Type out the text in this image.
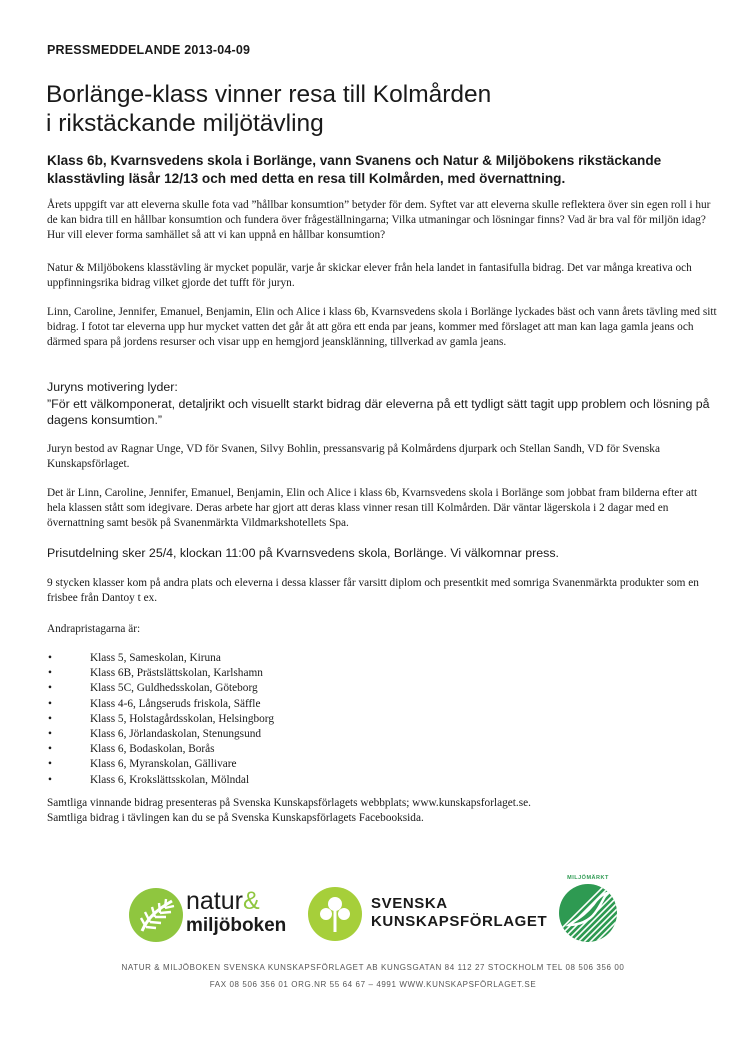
PRESSMEDDELANDE 2013-04-09
Borlänge-klass vinner resa till Kolmården
i rikstäckande miljötävling

Klass 6b, Kvarnsvedens skola i Borlänge, vann Svanens och Natur & Miljöbokens rikstäckande
klasstävling läsår 12/13 och med detta en resa till Kolmården, med övernattning.

Årets uppgift var att eleverna skulle fota vad ”hållbar konsumtion” betyder för dem. Syftet var att eleverna skulle reflektera över sin egen roll i hur de kan bidra till en hållbar konsumtion och fundera över frågeställningarna; Vilka utmaningar och lösningar finns? Vad är bra val för miljön idag? Hur vill elever forma samhället så att vi kan uppnå en hållbar konsumtion?

Natur & Miljöbokens klasstävling är mycket populär, varje år skickar elever från hela landet in fantasifulla bidrag. Det var många kreativa och uppfinningsrika bidrag vilket gjorde det tufft för juryn.

Linn, Caroline, Jennifer, Emanuel, Benjamin, Elin och Alice i klass 6b, Kvarnsvedens skola i Borlänge lyckades bäst och vann årets tävling med sitt bidrag. I fotot tar eleverna upp hur mycket vatten det går åt att göra ett enda par jeans, kommer med förslaget att man kan laga gamla jeans och därmed spara på jordens resurser och visar upp en hemgjord jeansklänning, tillverkad av gamla jeans.

Juryns motivering lyder:
”För ett välkomponerat, detaljrikt och visuellt starkt bidrag där eleverna på ett tydligt sätt tagit upp problem och lösning på dagens konsumtion.”

Juryn bestod av Ragnar Unge, VD för Svanen, Silvy Bohlin, pressansvarig på Kolmårdens djurpark och Stellan Sandh, VD för Svenska Kunskapsförlaget.

Det är Linn, Caroline, Jennifer, Emanuel, Benjamin, Elin och Alice i klass 6b, Kvarnsvedens skola i Borlänge som jobbat fram bilderna efter att hela klassen stått som idegivare. Deras arbete har gjort att deras klass vinner resan till Kolmården. Där väntar lägerskola i 2 dagar med en övernattning samt besök på Svanenmärkta Vildmarkshotellets Spa.

Prisutdelning sker 25/4, klockan 11:00 på Kvarnsvedens skola, Borlänge. Vi välkomnar press.

9 stycken klasser kom på andra plats och eleverna i dessa klasser får varsitt diplom och presentkit med somriga Svanenmärkta produkter som en frisbee från Dantoy t ex.

Andrapristagarna är:

•	Klass 5, Sameskolan, Kiruna
•	Klass 6B, Prästslättskolan, Karlshamn
•	Klass 5C, Guldhedsskolan, Göteborg
•	Klass 4-6, Långseruds friskola, Säffle
•	Klass 5, Holstagårdsskolan, Helsingborg
•	Klass 6, Jörlandaskolan, Stenungsund
•	Klass 6, Bodaskolan, Borås
•	Klass 6, Myranskolan, Gällivare
•	Klass 6, Krokslättsskolan, Mölndal
Samtliga vinnande bidrag presenteras på Svenska Kunskapsförlagets webbplats; www.kunskapsforlaget.se.
Samtliga bidrag i tävlingen kan du se på Svenska Kunskapsförlagets Facebooksida.
natur&
miljöboken
SVENSKA
KUNSKAPSFÖRLAGET
MILJÖMÄRKT
NATUR & MILJÖBOKEN SVENSKA KUNSKAPSFÖRLAGET AB KUNGSGATAN 84 112 27 STOCKHOLM TEL 08 506 356 00
FAX 08 506 356 01 ORG.NR 55 64 67 – 4991 WWW.KUNSKAPSFÖRLAGET.SE
